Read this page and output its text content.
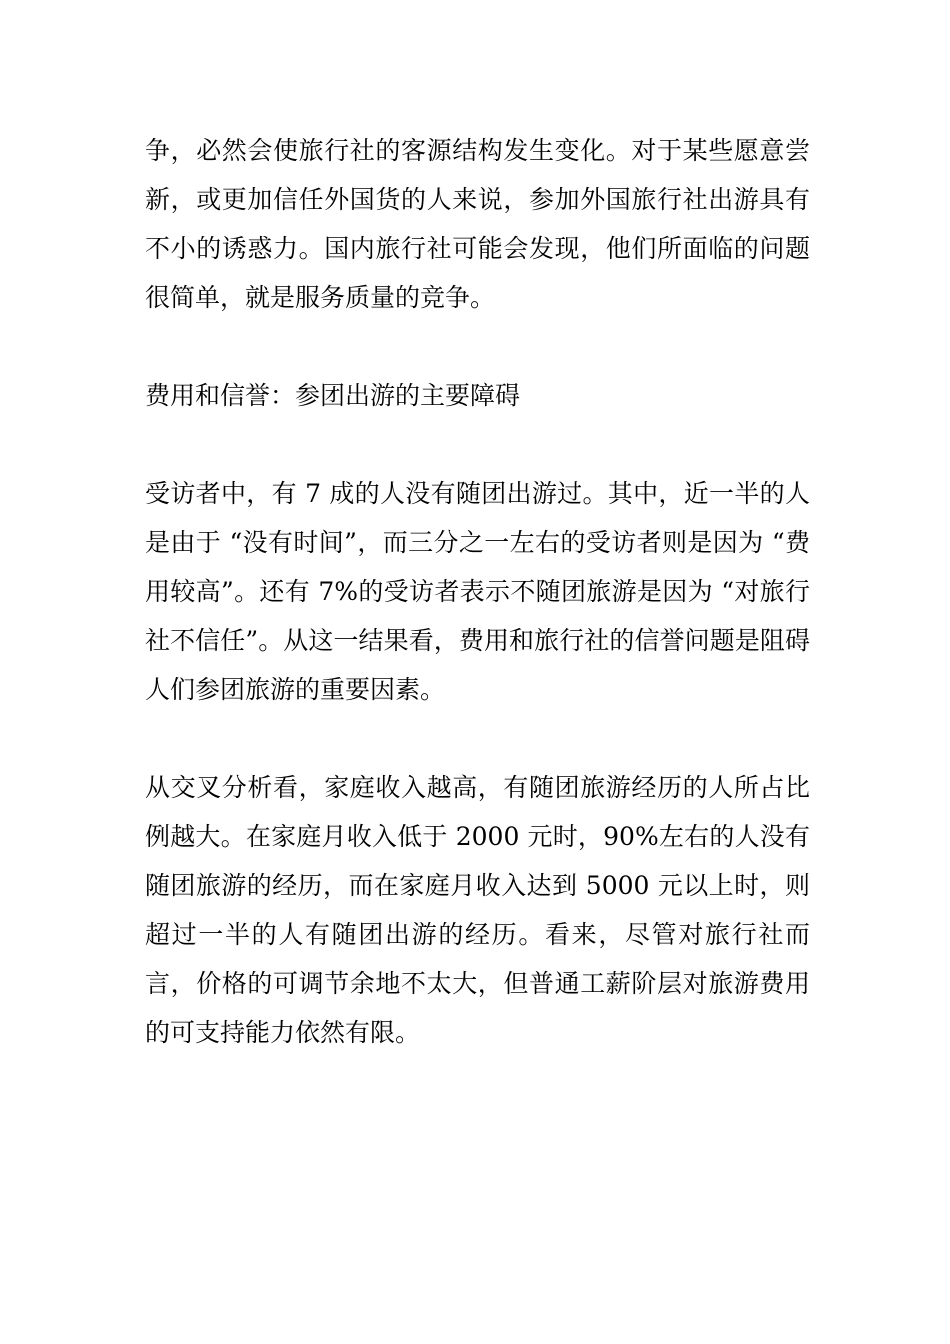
争，必然会使旅行社的客源结构发生变化。对于某些愿意尝新，或更加信任外国货的人来说，参加外国旅行社出游具有不小的诱惑力。国内旅行社可能会发现，他们所面临的问题很简单，就是服务质量的竞争。

费用和信誉：参团出游的主要障碍

受访者中，有 7 成的人没有随团出游过。其中，近一半的人是由于 “没有时间”，而三分之一左右的受访者则是因为 “费用较高”。还有 7%的受访者表示不随团旅游是因为 “对旅行社不信任”。从这一结果看，费用和旅行社的信誉问题是阻碍人们参团旅游的重要因素。

从交叉分析看，家庭收入越高，有随团旅游经历的人所占比例越大。在家庭月收入低于 2000 元时，90%左右的人没有随团旅游的经历，而在家庭月收入达到 5000 元以上时，则超过一半的人有随团出游的经历。看来，尽管对旅行社而言，价格的可调节余地不太大，但普通工薪阶层对旅游费用的可支持能力依然有限。
